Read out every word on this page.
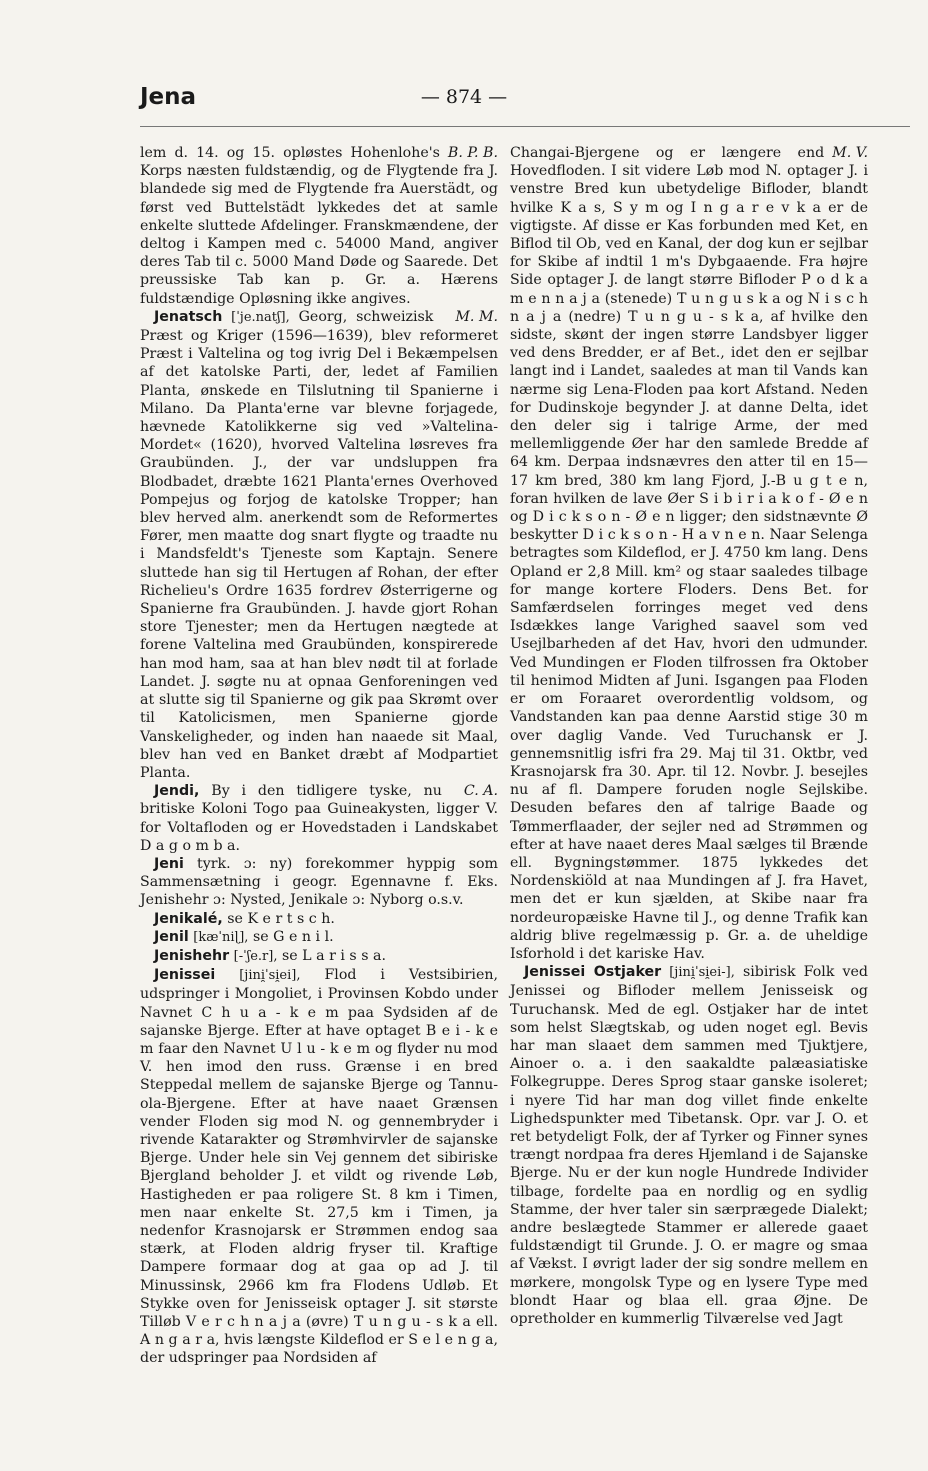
Jena	— 874 —

B. P. B.
lem d. 14. og 15. opløstes Hohenlohe's Korps næsten fuldstændig, og de Flygtende fra J. blandede sig med de Flygtende fra Auerstädt, og først ved Buttelstädt lykkedes det at samle enkelte sluttede Afdelinger. Franskmændene, der deltog i Kampen med c. 54000 Mand, angiver deres Tab til c. 5000 Mand Døde og Saarede. Det preussiske Tab kan p. Gr. a. Hærens fuldstændige Opløsning ikke angives.

M. M.
Jenatsch [ˈje.natʃ], Georg, schweizisk Præst og Kriger (1596—1639), blev reformeret Præst i Valtelina og tog ivrig Del i Bekæmpelsen af det katolske Parti, der, ledet af Familien Planta, ønskede en Tilslutning til Spanierne i Milano. Da Planta'erne var blevne forjagede, hævnede Katolikkerne sig ved »Valtelina-Mordet« (1620), hvorved Valtelina løsreves fra Graubünden. J., der var undsluppen fra Blodbadet, dræbte 1621 Planta'ernes Overhoved Pompejus og forjog de katolske Tropper; han blev herved alm. anerkendt som de Reformertes Fører, men maatte dog snart flygte og traadte nu i Mandsfeldt's Tjeneste som Kaptajn. Senere sluttede han sig til Hertugen af Rohan, der efter Richelieu's Ordre 1635 fordrev Østerrigerne og Spanierne fra Graubünden. J. havde gjort Rohan store Tjenester; men da Hertugen nægtede at forene Valtelina med Graubünden, konspirerede han mod ham, saa at han blev nødt til at forlade Landet. J. søgte nu at opnaa Genforeningen ved at slutte sig til Spanierne og gik paa Skrømt over til Katolicismen, men Spanierne gjorde Vanskeligheder, og inden han naaede sit Maal, blev han ved en Banket dræbt af Modpartiet Planta.

C. A.
Jendi, By i den tidligere tyske, nu britiske Koloni Togo paa Guineakysten, ligger V. for Voltafloden og er Hovedstaden i Landskabet D a g o m b a.

Jeni tyrk. ɔ: ny) forekommer hyppig som Sammensætning i geogr. Egennavne f. Eks. Jenishehr ɔ: Nysted, Jenikale ɔ: Nyborg o.s.v.

Jenikalé, se K e r t s c h.

Jenil [kæˈniɭ], se G e n i l.

Jenishehr [-ˈʃe.r], se L a r i s s a.

Jenissei [jini̯ˈsi̯ei], Flod i Vestsibirien, udspringer i Mongoliet, i Provinsen Kobdo under Navnet C h u a - k e m paa Sydsiden af de sajanske Bjerge. Efter at have optaget B e i - k e m faar den Navnet U l u - k e m og flyder nu mod V. hen imod den russ. Grænse i en bred Steppedal mellem de sajanske Bjerge og Tannu-ola-Bjergene. Efter at have naaet Grænsen vender Floden sig mod N. og gennembryder i rivende Katarakter og Strømhvirvler de sajanske Bjerge. Under hele sin Vej gennem det sibiriske Bjergland beholder J. et vildt og rivende Løb, Hastigheden er paa roligere St. 8 km i Timen, men naar enkelte St. 27,5 km i Timen, ja nedenfor Krasnojarsk er Strømmen endog saa stærk, at Floden aldrig fryser til. Kraftige Dampere formaar dog at gaa op ad J. til Minussinsk, 2966 km fra Flodens Udløb. Et Stykke oven for Jenisseisk optager J. sit største Tilløb V e r c h n a j a (øvre) T u n g u - s k a ell. A n g a r a, hvis længste Kildeflod er S e l e n g a, der udspringer paa Nordsiden af

M. V.
Changai-Bjergene og er længere end Hovedfloden. I sit videre Løb mod N. optager J. i venstre Bred kun ubetydelige Bifloder, blandt hvilke K a s, S y m og I n g a r e v k a er de vigtigste. Af disse er Kas forbunden med Ket, en Biflod til Ob, ved en Kanal, der dog kun er sejlbar for Skibe af indtil 1 m's Dybgaaende. Fra højre Side optager J. de langt større Bifloder P o d k a m e n n a j a (stenede) T u n g u s k a og N i s c h n a j a (nedre) T u n g u - s k a, af hvilke den sidste, skønt der ingen større Landsbyer ligger ved dens Bredder, er af Bet., idet den er sejlbar langt ind i Landet, saaledes at man til Vands kan nærme sig Lena-Floden paa kort Afstand. Neden for Dudinskoje begynder J. at danne Delta, idet den deler sig i talrige Arme, der med mellemliggende Øer har den samlede Bredde af 64 km. Derpaa indsnævres den atter til en 15—17 km bred, 380 km lang Fjord, J.-B u g t e n, foran hvilken de lave Øer S i b i r i a k o f - Ø e n og D i c k s o n - Ø e n ligger; den sidstnævnte Ø beskytter D i c k s o n - H a v n e n. Naar Selenga betragtes som Kildeflod, er J. 4750 km lang. Dens Opland er 2,8 Mill. km² og staar saaledes tilbage for mange kortere Floders. Dens Bet. for Samfærdselen forringes meget ved dens Isdækkes lange Varighed saavel som ved Usejlbarheden af det Hav, hvori den udmunder. Ved Mundingen er Floden tilfrossen fra Oktober til henimod Midten af Juni. Isgangen paa Floden er om Foraaret overordentlig voldsom, og Vandstanden kan paa denne Aarstid stige 30 m over daglig Vande. Ved Turuchansk er J. gennemsnitlig isfri fra 29. Maj til 31. Oktbr, ved Krasnojarsk fra 30. Apr. til 12. Novbr. J. besejles nu af fl. Dampere foruden nogle Sejlskibe. Desuden befares den af talrige Baade og Tømmerflaader, der sejler ned ad Strømmen og efter at have naaet deres Maal sælges til Brænde ell. Bygningstømmer. 1875 lykkedes det Nordenskiöld at naa Mundingen af J. fra Havet, men det er kun sjælden, at Skibe naar fra nordeuropæiske Havne til J., og denne Trafik kan aldrig blive regelmæssig p. Gr. a. de uheldige Isforhold i det kariske Hav.

Jenissei Ostjaker [jini̯ˈsi̯ei-], sibirisk Folk ved Jenissei og Bifloder mellem Jenisseisk og Turuchansk. Med de egl. Ostjaker har de intet som helst Slægtskab, og uden noget egl. Bevis har man slaaet dem sammen med Tjuktjere, Ainoer o. a. i den saakaldte palæasiatiske Folkegruppe. Deres Sprog staar ganske isoleret; i nyere Tid har man dog villet finde enkelte Lighedspunkter med Tibetansk. Opr. var J. O. et ret betydeligt Folk, der af Tyrker og Finner synes trængt nordpaa fra deres Hjemland i de Sajanske Bjerge. Nu er der kun nogle Hundrede Individer tilbage, fordelte paa en nordlig og en sydlig Stamme, der hver taler sin særprægede Dialekt; andre beslægtede Stammer er allerede gaaet fuldstændigt til Grunde. J. O. er magre og smaa af Vækst. I øvrigt lader der sig sondre mellem en mørkere, mongolsk Type og en lysere Type med blondt Haar og blaa ell. graa Øjne. De opretholder en kummerlig Tilværelse ved Jagt
